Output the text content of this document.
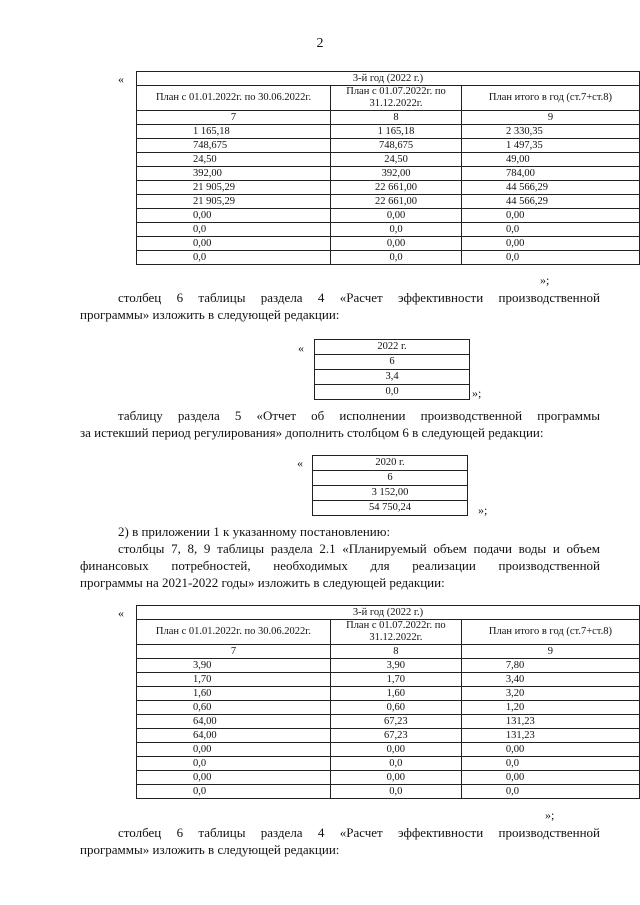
2
«	3-й год (2022 г.)		
План с 01.01.2022г. по 30.06.2022г.	План с 01.07.2022г. по 31.12.2022г.	План итого в год (ст.7+ст.8)
7	8	9
1 165,18	1 165,18	2 330,35
748,675	748,675	1 497,35
24,50	24,50	49,00
392,00	392,00	784,00
21 905,29	22 661,00	44 566,29
21 905,29	22 661,00	44 566,29
0,00	0,00	0,00
0,0	0,0	0,0
0,00	0,00	0,00
0,0	0,0	0,0
»;
столбец 6 таблицы раздела 4 «Расчет эффективности производственной
программы» изложить в следующей редакции:
«	2022 г.
6
3,4
0,0	»;
таблицу раздела 5 «Отчет об исполнении производственной программы
за истекший период регулирования» дополнить столбцом 6 в следующей редакции:
«	2020 г.
6
3 152,00
54 750,24	»;
2) в приложении 1 к указанному постановлению:
столбцы 7, 8, 9 таблицы раздела 2.1 «Планируемый объем подачи воды и объем
финансовых потребностей, необходимых для реализации производственной
программы на 2021-2022 годы» изложить в следующей редакции:
«	3-й год (2022 г.)		
План с 01.01.2022г. по 30.06.2022г.	План с 01.07.2022г. по 31.12.2022г.	План итого в год (ст.7+ст.8)
7	8	9
3,90	3,90	7,80
1,70	1,70	3,40
1,60	1,60	3,20
0,60	0,60	1,20
64,00	67,23	131,23
64,00	67,23	131,23
0,00	0,00	0,00
0,0	0,0	0,0
0,00	0,00	0,00
0,0	0,0	0,0
»;
столбец 6 таблицы раздела 4 «Расчет эффективности производственной
программы» изложить в следующей редакции:
